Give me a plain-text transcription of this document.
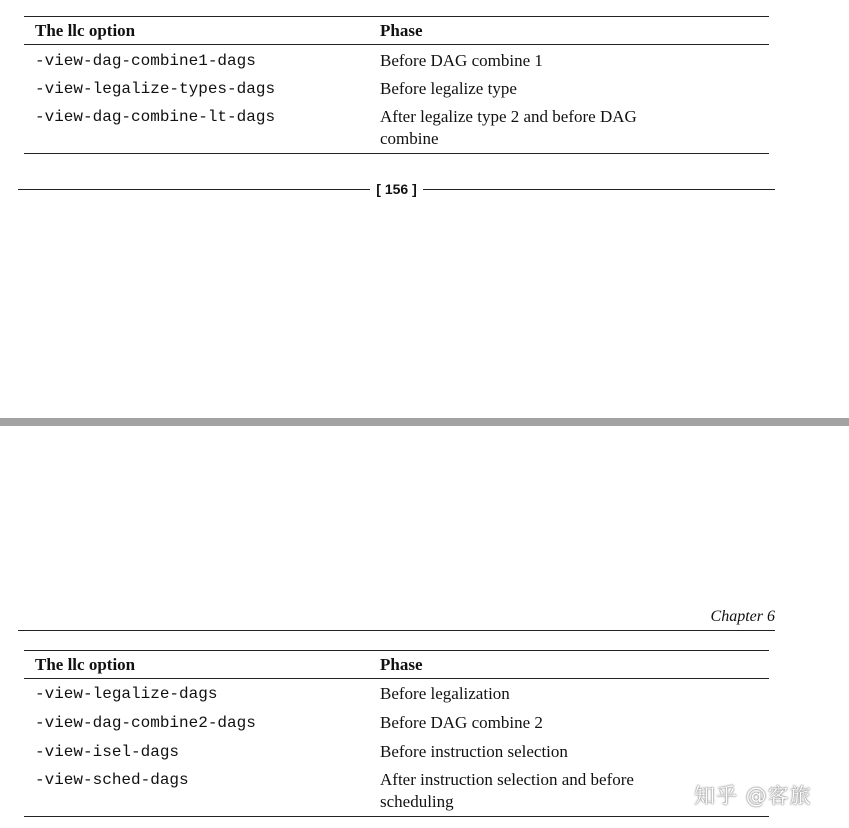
The llc option	Phase
-view-dag-combine1-dags	Before DAG combine 1
-view-legalize-types-dags	Before legalize type
-view-dag-combine-lt-dags	After legalize type 2 and before DAG combine
[ 156 ]
Chapter 6
The llc option	Phase
-view-legalize-dags	Before legalization
-view-dag-combine2-dags	Before DAG combine 2
-view-isel-dags	Before instruction selection
-view-sched-dags	After instruction selection and before scheduling	知乎 @客旅
